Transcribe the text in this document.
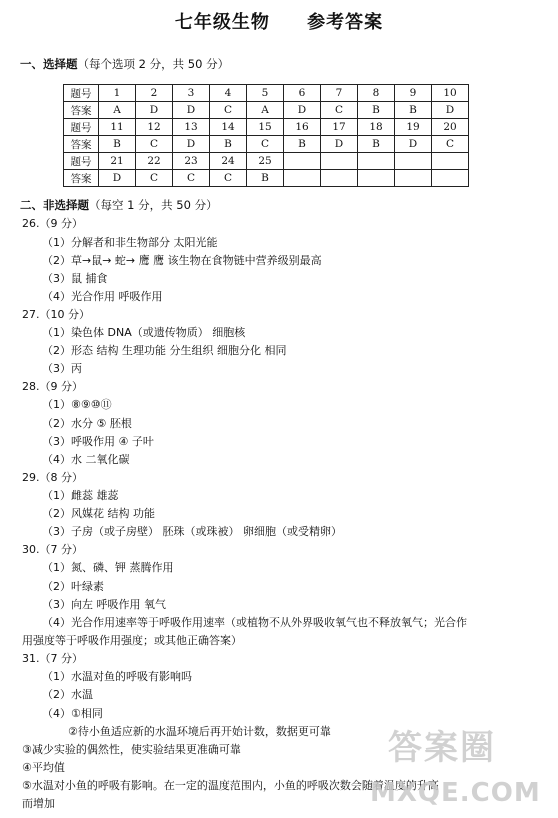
七年级生物 参考答案
一、选择题（每个选项 2 分，共 50 分）
题号	1	2	3	4	5	6	7	8	9	10
答案	A	D	D	C	A	D	C	B	B	D
题号	11	12	13	14	15	16	17	18	19	20
答案	B	C	D	B	C	B	D	B	D	C
题号	21	22	23	24	25					
答案	D	C	C	C	B					
二、非选择题（每空 1 分，共 50 分）
26.（9 分）
（1）分解者和非生物部分 太阳光能
（2）草→鼠→ 蛇→ 鹰 鹰 该生物在食物链中营养级别最高
（3）鼠 捕食
（4）光合作用 呼吸作用
27.（10 分）
（1）染色体 DNA（或遗传物质） 细胞核
（2）形态 结构 生理功能 分生组织 细胞分化 相同
（3）丙
28.（9 分）
（1）⑧⑨⑩⑪
（2）水分 ⑤ 胚根
（3）呼吸作用 ④ 子叶
（4）水 二氧化碳
29.（8 分）
（1）雌蕊 雄蕊
（2）风媒花 结构 功能
（3）子房（或子房壁） 胚珠（或珠被） 卵细胞（或受精卵）
30.（7 分）
（1）氮、磷、钾 蒸腾作用
（2）叶绿素
（3）向左 呼吸作用 氧气
（4）光合作用速率等于呼吸作用速率（或植物不从外界吸收氧气也不释放氧气；光合作
用强度等于呼吸作用强度；或其他正确答案）
31.（7 分）
（1）水温对鱼的呼吸有影响吗
（2）水温
（4）①相同
②待小鱼适应新的水温环境后再开始计数，数据更可靠
③减少实验的偶然性，使实验结果更准确可靠
④平均值
⑤水温对小鱼的呼吸有影响。在一定的温度范围内，小鱼的呼吸次数会随着温度的升高
而增加
答案圈
MXQE.COM
